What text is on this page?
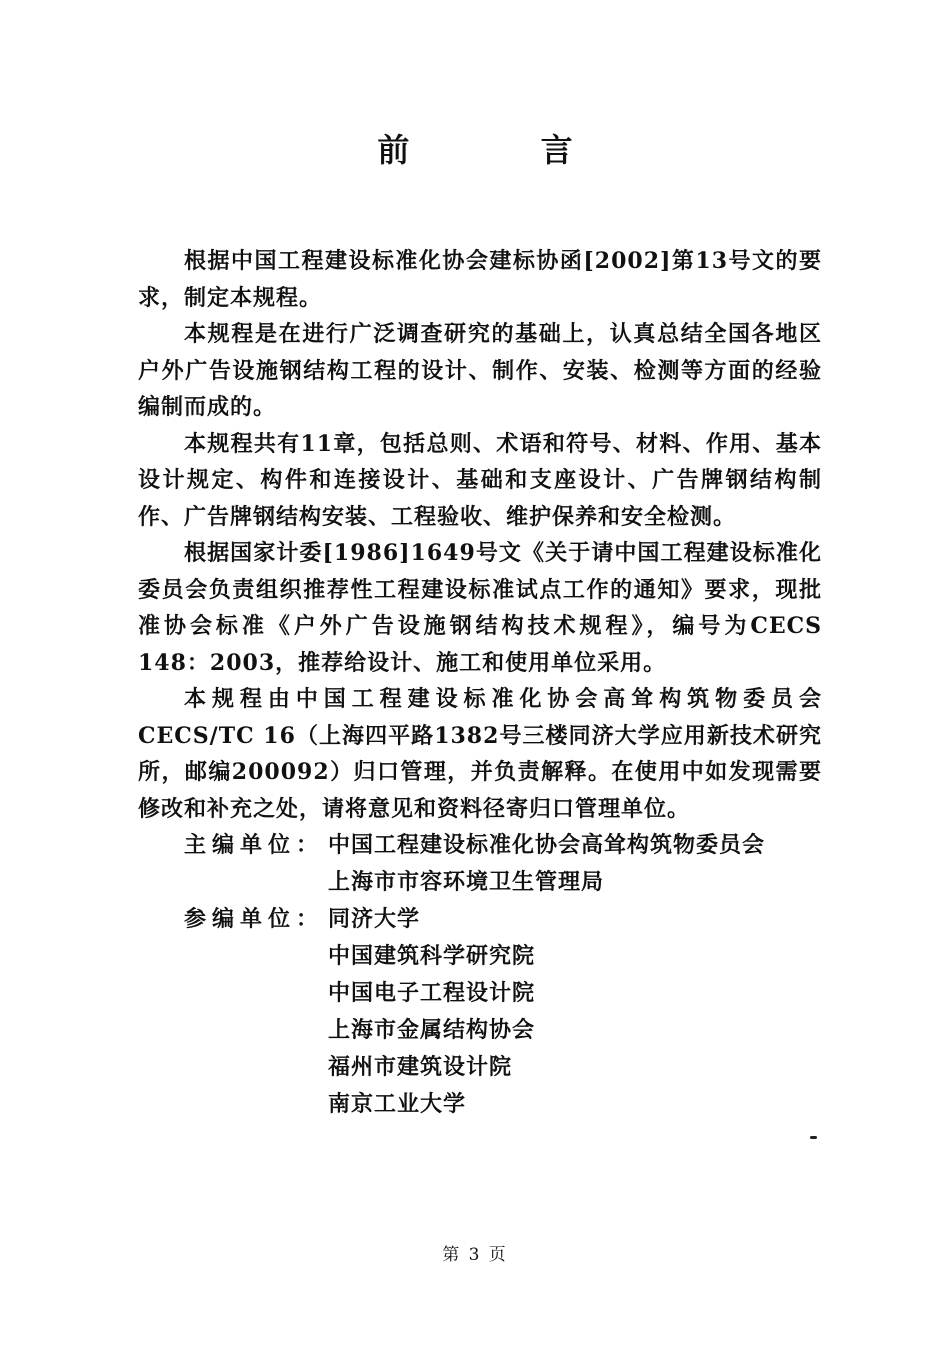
前 言

根据中国工程建设标准化协会建标协函[2002]第13号文的要求，制定本规程。

本规程是在进行广泛调查研究的基础上，认真总结全国各地区户外广告设施钢结构工程的设计、制作、安装、检测等方面的经验编制而成的。

本规程共有11章，包括总则、术语和符号、材料、作用、基本设计规定、构件和连接设计、基础和支座设计、广告牌钢结构制作、广告牌钢结构安装、工程验收、维护保养和安全检测。

根据国家计委[1986]1649号文《关于请中国工程建设标准化委员会负责组织推荐性工程建设标准试点工作的通知》要求，现批准协会标准《户外广告设施钢结构技术规程》，编号为CECS 148：2003，推荐给设计、施工和使用单位采用。

本规程由中国工程建设标准化协会高耸构筑物委员会CECS/TC 16（上海四平路1382号三楼同济大学应用新技术研究所，邮编200092）归口管理，并负责解释。在使用中如发现需要修改和补充之处，请将意见和资料径寄归口管理单位。

主编单位： 中国工程建设标准化协会高耸构筑物委员会
上海市市容环境卫生管理局
参编单位： 同济大学
中国建筑科学研究院
中国电子工程设计院
上海市金属结构协会
福州市建筑设计院
南京工业大学
第 3 页
